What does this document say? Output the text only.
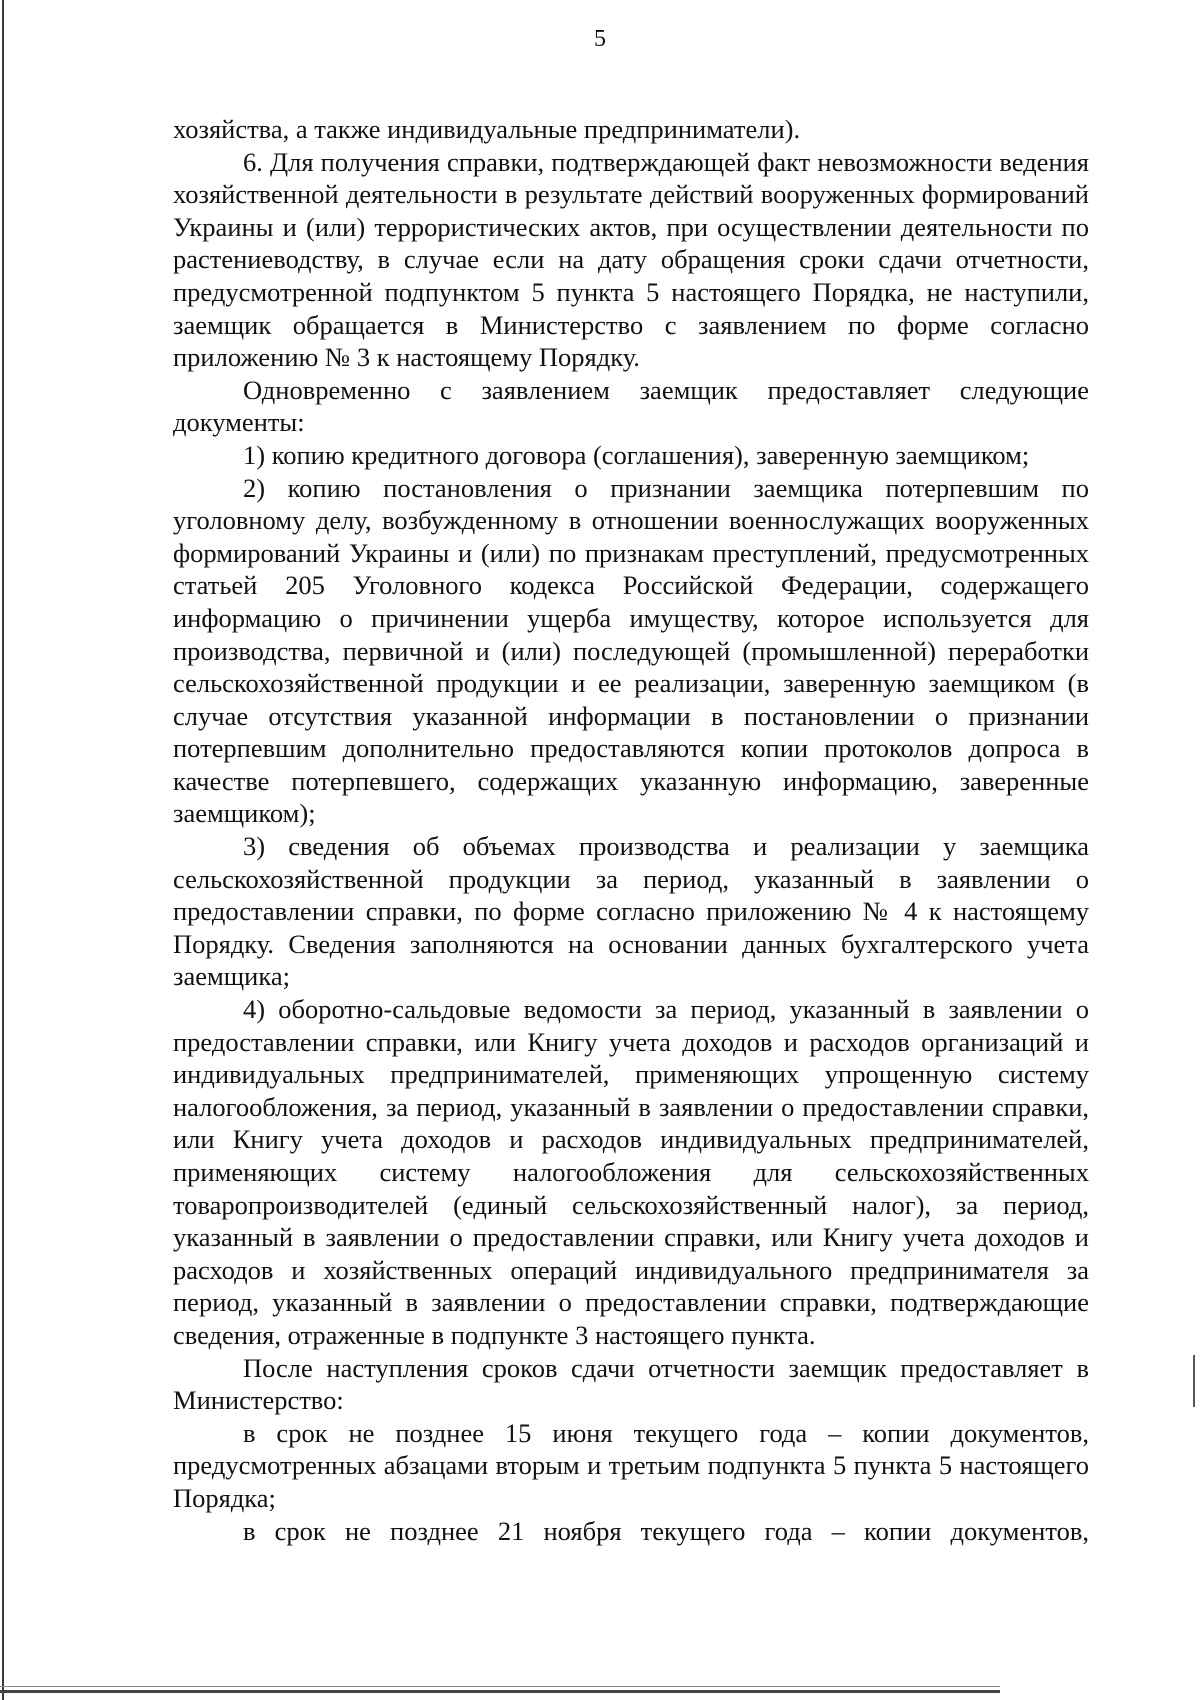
5

хозяйства, а также индивидуальные предприниматели).

6. Для получения справки, подтверждающей факт невозможности ведения хозяйственной деятельности в результате действий вооруженных формирований Украины и (или) террористических актов, при осуществлении деятельности по растениеводству, в случае если на дату обращения сроки сдачи отчетности, предусмотренной подпунктом 5 пункта 5 настоящего Порядка, не наступили, заемщик обращается в Министерство с заявлением по форме согласно приложению № 3 к настоящему Порядку.

Одновременно с заявлением заемщик предоставляет следующие документы:

1) копию кредитного договора (соглашения), заверенную заемщиком;

2) копию постановления о признании заемщика потерпевшим по уголовному делу, возбужденному в отношении военнослужащих вооруженных формирований Украины и (или) по признакам преступлений, предусмотренных статьей 205 Уголовного кодекса Российской Федерации, содержащего информацию о причинении ущерба имуществу, которое используется для производства, первичной и (или) последующей (промышленной) переработки сельскохозяйственной продукции и ее реализации, заверенную заемщиком (в случае отсутствия указанной информации в постановлении о признании потерпевшим дополнительно предоставляются копии протоколов допроса в качестве потерпевшего, содержащих указанную информацию, заверенные заемщиком);

3) сведения об объемах производства и реализации у заемщика сельскохозяйственной продукции за период, указанный в заявлении о предоставлении справки, по форме согласно приложению № 4 к настоящему Порядку. Сведения заполняются на основании данных бухгалтерского учета заемщика;

4) оборотно-сальдовые ведомости за период, указанный в заявлении о предоставлении справки, или Книгу учета доходов и расходов организаций и индивидуальных предпринимателей, применяющих упрощенную систему налогообложения, за период, указанный в заявлении о предоставлении справки, или Книгу учета доходов и расходов индивидуальных предпринимателей, применяющих систему налогообложения для сельскохозяйственных товаропроизводителей (единый сельскохозяйственный налог), за период, указанный в заявлении о предоставлении справки, или Книгу учета доходов и расходов и хозяйственных операций индивидуального предпринимателя за период, указанный в заявлении о предоставлении справки, подтверждающие сведения, отраженные в подпункте 3 настоящего пункта.

После наступления сроков сдачи отчетности заемщик предоставляет в Министерство:

в срок не позднее 15 июня текущего года – копии документов, предусмотренных абзацами вторым и третьим подпункта 5 пункта 5 настоящего Порядка;

в срок не позднее 21 ноября текущего года – копии документов,
